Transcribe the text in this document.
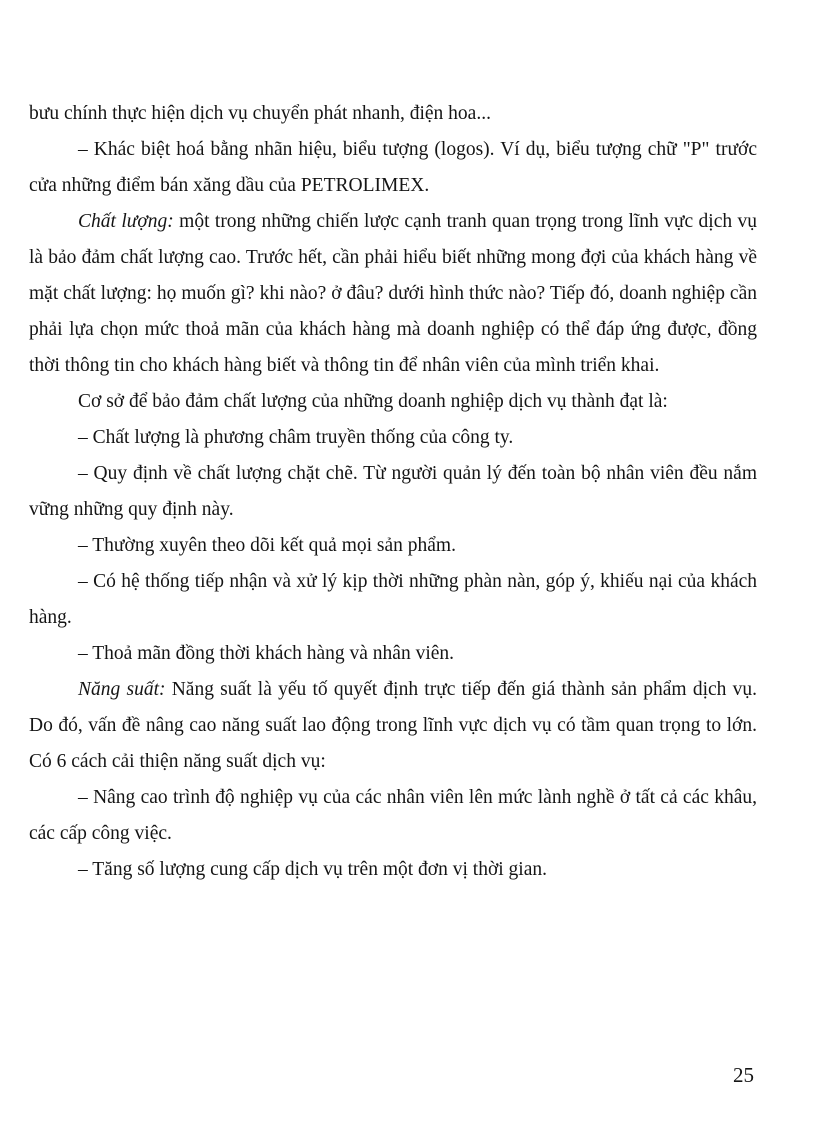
bưu chính thực hiện dịch vụ chuyển phát nhanh, điện hoa...

– Khác biệt hoá bằng nhãn hiệu, biểu tượng (logos). Ví dụ, biểu tượng chữ "P" trước cửa những điểm bán xăng dầu của PETROLIMEX.

Chất lượng: một trong những chiến lược cạnh tranh quan trọng trong lĩnh vực dịch vụ là bảo đảm chất lượng cao. Trước hết, cần phải hiểu biết những mong đợi của khách hàng về mặt chất lượng: họ muốn gì? khi nào? ở đâu? dưới hình thức nào? Tiếp đó, doanh nghiệp cần phải lựa chọn mức thoả mãn của khách hàng mà doanh nghiệp có thể đáp ứng được, đồng thời thông tin cho khách hàng biết và thông tin để nhân viên của mình triển khai.

Cơ sở để bảo đảm chất lượng của những doanh nghiệp dịch vụ thành đạt là:

– Chất lượng là phương châm truyền thống của công ty.

– Quy định về chất lượng chặt chẽ. Từ người quản lý đến toàn bộ nhân viên đều nắm vững những quy định này.

– Thường xuyên theo dõi kết quả mọi sản phẩm.

– Có hệ thống tiếp nhận và xử lý kịp thời những phàn nàn, góp ý, khiếu nại của khách hàng.

– Thoả mãn đồng thời khách hàng và nhân viên.

Năng suất: Năng suất là yếu tố quyết định trực tiếp đến giá thành sản phẩm dịch vụ. Do đó, vấn đề nâng cao năng suất lao động trong lĩnh vực dịch vụ có tầm quan trọng to lớn. Có 6 cách cải thiện năng suất dịch vụ:

– Nâng cao trình độ nghiệp vụ của các nhân viên lên mức lành nghề ở tất cả các khâu, các cấp công việc.

– Tăng số lượng cung cấp dịch vụ trên một đơn vị thời gian.

25
